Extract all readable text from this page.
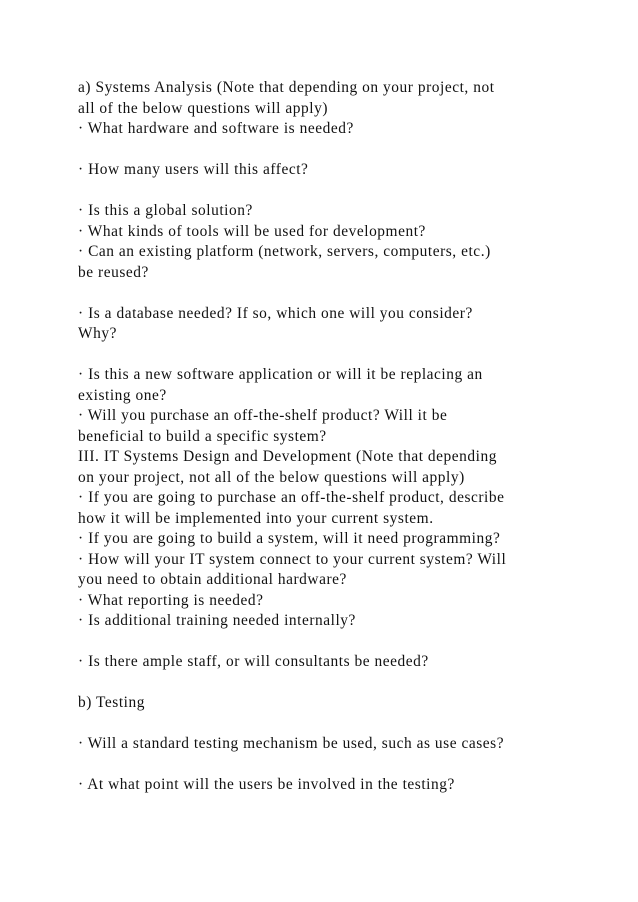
a) Systems Analysis (Note that depending on your project, not
all of the below questions will apply)
· What hardware and software is needed?
· How many users will this affect?
· Is this a global solution?
· What kinds of tools will be used for development?
· Can an existing platform (network, servers, computers, etc.)
be reused?
· Is a database needed? If so, which one will you consider?
Why?
· Is this a new software application or will it be replacing an
existing one?
· Will you purchase an off-the-shelf product? Will it be
beneficial to build a specific system?
III. IT Systems Design and Development (Note that depending
on your project, not all of the below questions will apply)
· If you are going to purchase an off-the-shelf product, describe
how it will be implemented into your current system.
· If you are going to build a system, will it need programming?
· How will your IT system connect to your current system? Will
you need to obtain additional hardware?
· What reporting is needed?
· Is additional training needed internally?
· Is there ample staff, or will consultants be needed?
b) Testing
· Will a standard testing mechanism be used, such as use cases?
· At what point will the users be involved in the testing?
